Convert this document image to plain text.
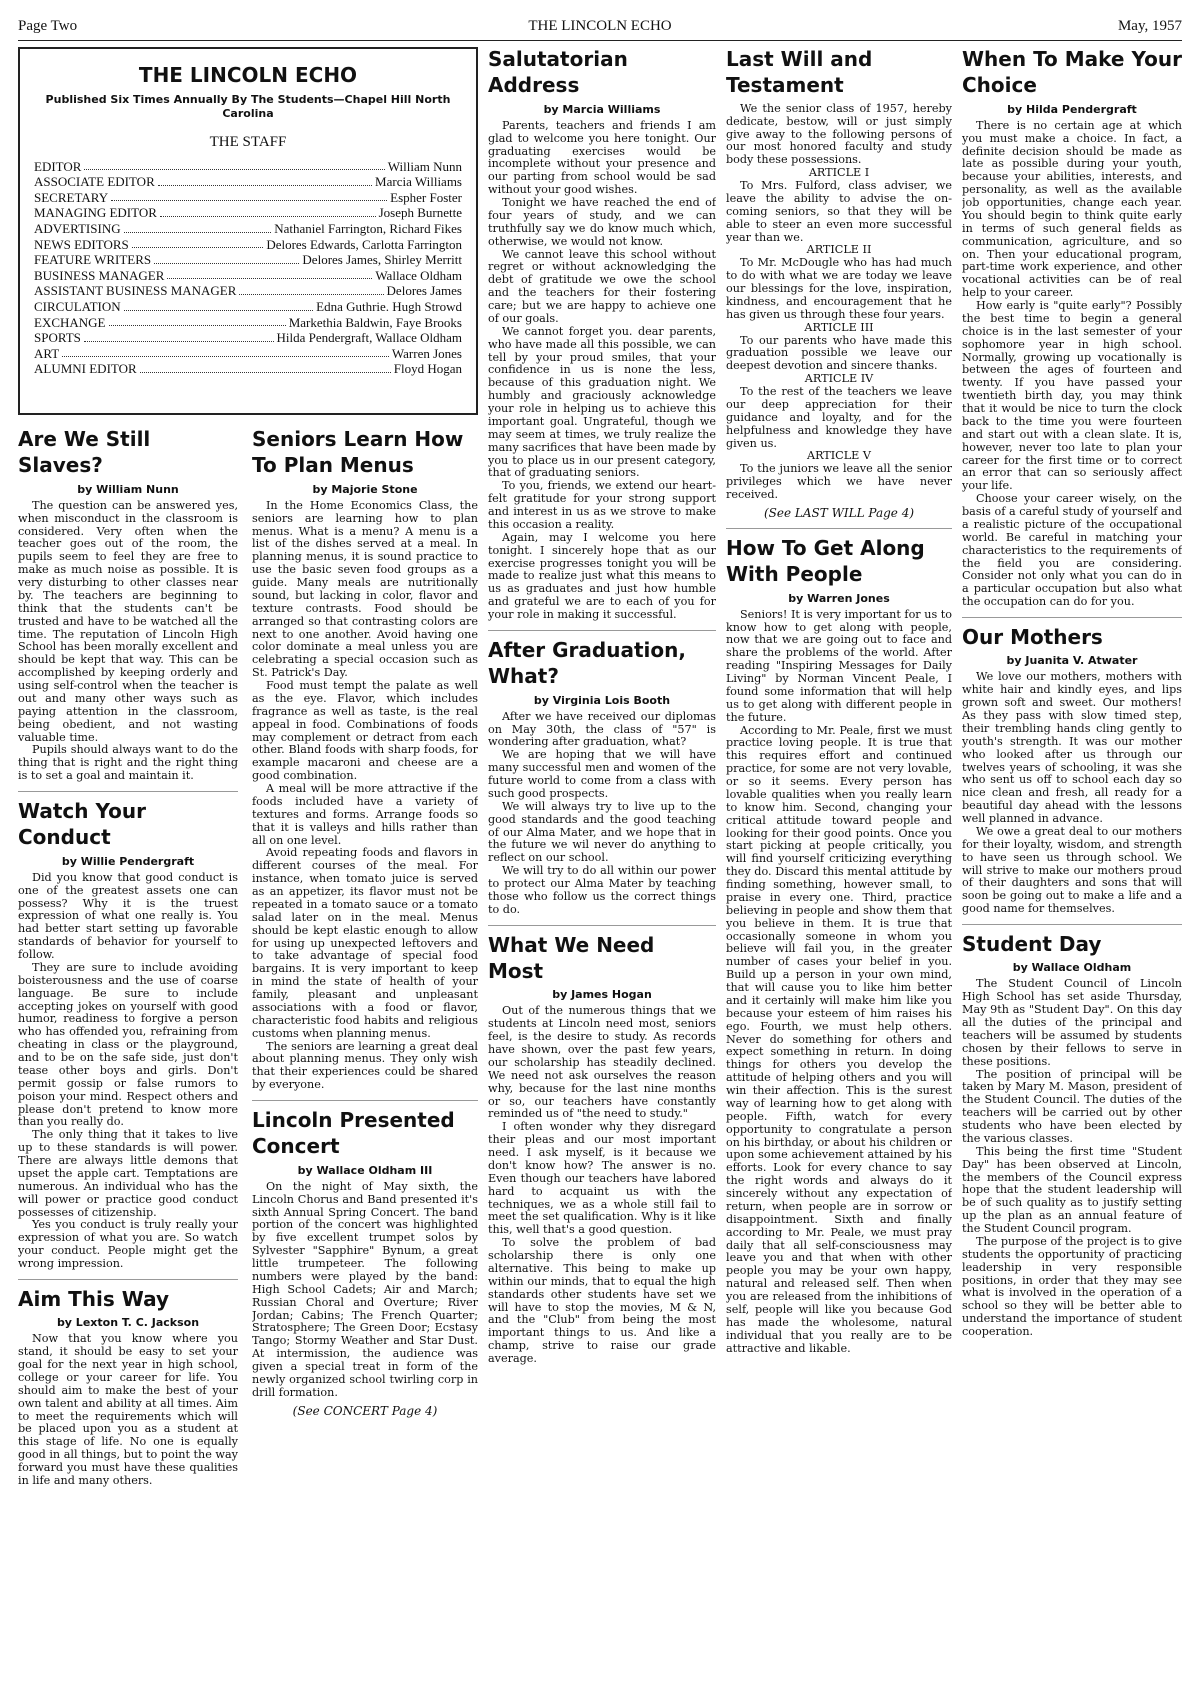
Page Two	THE LINCOLN ECHO	May, 1957
THE LINCOLN ECHO
Published Six Times Annually By The Students—Chapel Hill North Carolina
THE STAFF
EDITOR	William Nunn
ASSOCIATE EDITOR	Marcia Williams
SECRETARY	Espher Foster
MANAGING EDITOR	Joseph Burnette
ADVERTISING	Nathaniel Farrington, Richard Fikes
NEWS EDITORS	Delores Edwards, Carlotta Farrington
FEATURE WRITERS	Delores James, Shirley Merritt
BUSINESS MANAGER	Wallace Oldham
ASSISTANT BUSINESS MANAGER	Delores James
CIRCULATION	Edna Guthrie. Hugh Strowd
EXCHANGE	Markethia Baldwin, Faye Brooks
SPORTS	Hilda Pendergraft, Wallace Oldham
ART	Warren Jones
ALUMNI EDITOR	Floyd Hogan
Are We Still Slaves?
by William Nunn

The question can be answered yes, when misconduct in the classroom is considered. Very often when the teacher goes out of the room, the pupils seem to feel they are free to make as much noise as possible. It is very disturbing to other classes near by. The teachers are beginning to think that the students can't be trusted and have to be watched all the time. The reputation of Lincoln High School has been morally excellent and should be kept that way. This can be accomplished by keeping orderly and using self-control when the teacher is out and many other ways such as paying attention in the classroom, being obedient, and not wasting valuable time.

Pupils should always want to do the thing that is right and the right thing is to set a goal and maintain it.

Watch Your Conduct
by Willie Pendergraft

Did you know that good conduct is one of the greatest assets one can possess? Why it is the truest expression of what one really is. You had better start setting up favorable standards of behavior for yourself to follow.

They are sure to include avoiding boisterousness and the use of coarse language. Be sure to include accepting jokes on yourself with good humor, readiness to forgive a person who has offended you, refraining from cheating in class or the playground, and to be on the safe side, just don't tease other boys and girls. Don't permit gossip or false rumors to poison your mind. Respect others and please don't pretend to know more than you really do.

The only thing that it takes to live up to these standards is will power. There are always little demons that upset the apple cart. Temptations are numerous. An individual who has the will power or practice good conduct possesses of citizenship.

Yes you conduct is truly really your expression of what you are. So watch your conduct. People might get the wrong impression.

Aim This Way
by Lexton T. C. Jackson

Now that you know where you stand, it should be easy to set your goal for the next year in high school, college or your career for life. You should aim to make the best of your own talent and ability at all times. Aim to meet the requirements which will be placed upon you as a student at this stage of life. No one is equally good in all things, but to point the way forward you must have these qualities in life and many others.

Seniors Learn How To Plan Menus
by Majorie Stone

In the Home Economics Class, the seniors are learning how to plan menus. What is a menu? A menu is a list of the dishes served at a meal. In planning menus, it is sound practice to use the basic seven food groups as a guide. Many meals are nutritionally sound, but lacking in color, flavor and texture contrasts. Food should be arranged so that contrasting colors are next to one another. Avoid having one color dominate a meal unless you are celebrating a special occasion such as St. Patrick's Day.

Food must tempt the palate as well as the eye. Flavor, which includes fragrance as well as taste, is the real appeal in food. Combinations of foods may complement or detract from each other. Bland foods with sharp foods, for example macaroni and cheese are a good combination.

A meal will be more attractive if the foods included have a variety of textures and forms. Arrange foods so that it is valleys and hills rather than all on one level.

Avoid repeating foods and flavors in different courses of the meal. For instance, when tomato juice is served as an appetizer, its flavor must not be repeated in a tomato sauce or a tomato salad later on in the meal. Menus should be kept elastic enough to allow for using up unexpected leftovers and to take advantage of special food bargains. It is very important to keep in mind the state of health of your family, pleasant and unpleasant associations with a food or flavor, characteristic food habits and religious customs when planning menus.

The seniors are learning a great deal about planning menus. They only wish that their experiences could be shared by everyone.

Lincoln Presented Concert
by Wallace Oldham III

On the night of May sixth, the Lincoln Chorus and Band presented it's sixth Annual Spring Concert. The band portion of the concert was highlighted by five excellent trumpet solos by Sylvester "Sapphire" Bynum, a great little trumpeteer. The following numbers were played by the band: High School Cadets; Air and March; Russian Choral and Overture; River Jordan; Cabins; The French Quarter; Stratosphere; The Green Door; Ecstasy Tango; Stormy Weather and Star Dust. At intermission, the audience was given a special treat in form of the newly organized school twirling corp in drill formation.

(See CONCERT Page 4)
Salutatorian Address
by Marcia Williams

Parents, teachers and friends I am glad to welcome you here tonight. Our graduating exercises would be incomplete without your presence and our parting from school would be sad without your good wishes.

Tonight we have reached the end of four years of study, and we can truthfully say we do know much which, otherwise, we would not know.

We cannot leave this school without regret or without acknowledging the debt of gratitude we owe the school and the teachers for their fostering care; but we are happy to achieve one of our goals.

We cannot forget you. dear parents, who have made all this possible, we can tell by your proud smiles, that your confidence in us is none the less, because of this graduation night. We humbly and graciously acknowledge your role in helping us to achieve this important goal. Ungrateful, though we may seem at times, we truly realize the many sacrifices that have been made by you to place us in our present category, that of graduating seniors.

To you, friends, we extend our heart-felt gratitude for your strong support and interest in us as we strove to make this occasion a reality.

Again, may I welcome you here tonight. I sincerely hope that as our exercise progresses tonight you will be made to realize just what this means to us as graduates and just how humble and grateful we are to each of you for your role in making it successful.

After Graduation, What?
by Virginia Lois Booth

After we have received our diplomas on May 30th, the class of "57" is wondering after graduation, what?

We are hoping that we will have many successful men and women of the future world to come from a class with such good prospects.

We will always try to live up to the good standards and the good teaching of our Alma Mater, and we hope that in the future we wil never do anything to reflect on our school.

We will try to do all within our power to protect our Alma Mater by teaching those who follow us the correct things to do.

What We Need Most
by James Hogan

Out of the numerous things that we students at Lincoln need most, seniors feel, is the desire to study. As records have shown, over the past few years, our scholarship has steadily declined. We need not ask ourselves the reason why, because for the last nine months or so, our teachers have constantly reminded us of "the need to study."

I often wonder why they disregard their pleas and our most important need. I ask myself, is it because we don't know how? The answer is no. Even though our teachers have labored hard to acquaint us with the techniques, we as a whole still fail to meet the set qualification. Why is it like this, well that's a good question.

To solve the problem of bad scholarship there is only one alternative. This being to make up within our minds, that to equal the high standards other students have set we will have to stop the movies, M & N, and the "Club" from being the most important things to us. And like a champ, strive to raise our grade average.

Last Will and Testament

We the senior class of 1957, hereby dedicate, bestow, will or just simply give away to the following persons of our most honored faculty and study body these possessions.

ARTICLE I

To Mrs. Fulford, class adviser, we leave the ability to advise the on-coming seniors, so that they will be able to steer an even more successful year than we.

ARTICLE II

To Mr. McDougle who has had much to do with what we are today we leave our blessings for the love, inspiration, kindness, and encouragement that he has given us through these four years.

ARTICLE III

To our parents who have made this graduation possible we leave our deepest devotion and sincere thanks.

ARTICLE IV

To the rest of the teachers we leave our deep appreciation for their guidance and loyalty, and for the helpfulness and knowledge they have given us.

ARTICLE V

To the juniors we leave all the senior privileges which we have never received.

(See LAST WILL Page 4)
How To Get Along With People
by Warren Jones

Seniors! It is very important for us to know how to get along with people, now that we are going out to face and share the problems of the world. After reading "Inspiring Messages for Daily Living" by Norman Vincent Peale, I found some information that will help us to get along with different people in the future.

According to Mr. Peale, first we must practice loving people. It is true that this requires effort and continued practice, for some are not very lovable, or so it seems. Every person has lovable qualities when you really learn to know him. Second, changing your critical attitude toward people and looking for their good points. Once you start picking at people critically, you will find yourself criticizing everything they do. Discard this mental attitude by finding something, however small, to praise in every one. Third, practice believing in people and show them that you believe in them. It is true that occasionally someone in whom you believe will fail you, in the greater number of cases your belief in you. Build up a person in your own mind, that will cause you to like him better and it certainly will make him like you because your esteem of him raises his ego. Fourth, we must help others. Never do something for others and expect something in return. In doing things for others you develop the attitude of helping others and you will win their affection. This is the surest way of learning how to get along with people. Fifth, watch for every opportunity to congratulate a person on his birthday, or about his children or upon some achievement attained by his efforts. Look for every chance to say the right words and always do it sincerely without any expectation of return, when people are in sorrow or disappointment. Sixth and finally according to Mr. Peale, we must pray daily that all self-consciousness may leave you and that when with other people you may be your own happy, natural and released self. Then when you are released from the inhibitions of self, people will like you because God has made the wholesome, natural individual that you really are to be attractive and likable.

When To Make Your Choice
by Hilda Pendergraft

There is no certain age at which you must make a choice. In fact, a definite decision should be made as late as possible during your youth, because your abilities, interests, and personality, as well as the available job opportunities, change each year. You should begin to think quite early in terms of such general fields as communication, agriculture, and so on. Then your educational program, part-time work experience, and other vocational activities can be of real help to your career.

How early is "quite early"? Possibly the best time to begin a general choice is in the last semester of your sophomore year in high school. Normally, growing up vocationally is between the ages of fourteen and twenty. If you have passed your twentieth birth day, you may think that it would be nice to turn the clock back to the time you were fourteen and start out with a clean slate. It is, however, never too late to plan your career for the first time or to correct an error that can so seriously affect your life.

Choose your career wisely, on the basis of a careful study of yourself and a realistic picture of the occupational world. Be careful in matching your characteristics to the requirements of the field you are considering. Consider not only what you can do in a particular occupation but also what the occupation can do for you.

Our Mothers
by Juanita V. Atwater

We love our mothers, mothers with white hair and kindly eyes, and lips grown soft and sweet. Our mothers! As they pass with slow timed step, their trembling hands cling gently to youth's strength. It was our mother who looked after us through our twelves years of schooling, it was she who sent us off to school each day so nice clean and fresh, all ready for a beautiful day ahead with the lessons well planned in advance.

We owe a great deal to our mothers for their loyalty, wisdom, and strength to have seen us through school. We will strive to make our mothers proud of their daughters and sons that will soon be going out to make a life and a good name for themselves.

Student Day
by Wallace Oldham

The Student Council of Lincoln High School has set aside Thursday, May 9th as "Student Day". On this day all the duties of the principal and teachers will be assumed by students chosen by their fellows to serve in these positions.

The position of principal will be taken by Mary M. Mason, president of the Student Council. The duties of the teachers will be carried out by other students who have been elected by the various classes.

This being the first time "Student Day" has been observed at Lincoln, the members of the Council express hope that the student leadership will be of such quality as to justify setting up the plan as an annual feature of the Student Council program.

The purpose of the project is to give students the opportunity of practicing leadership in very responsible positions, in order that they may see what is involved in the operation of a school so they will be better able to understand the importance of student cooperation.
